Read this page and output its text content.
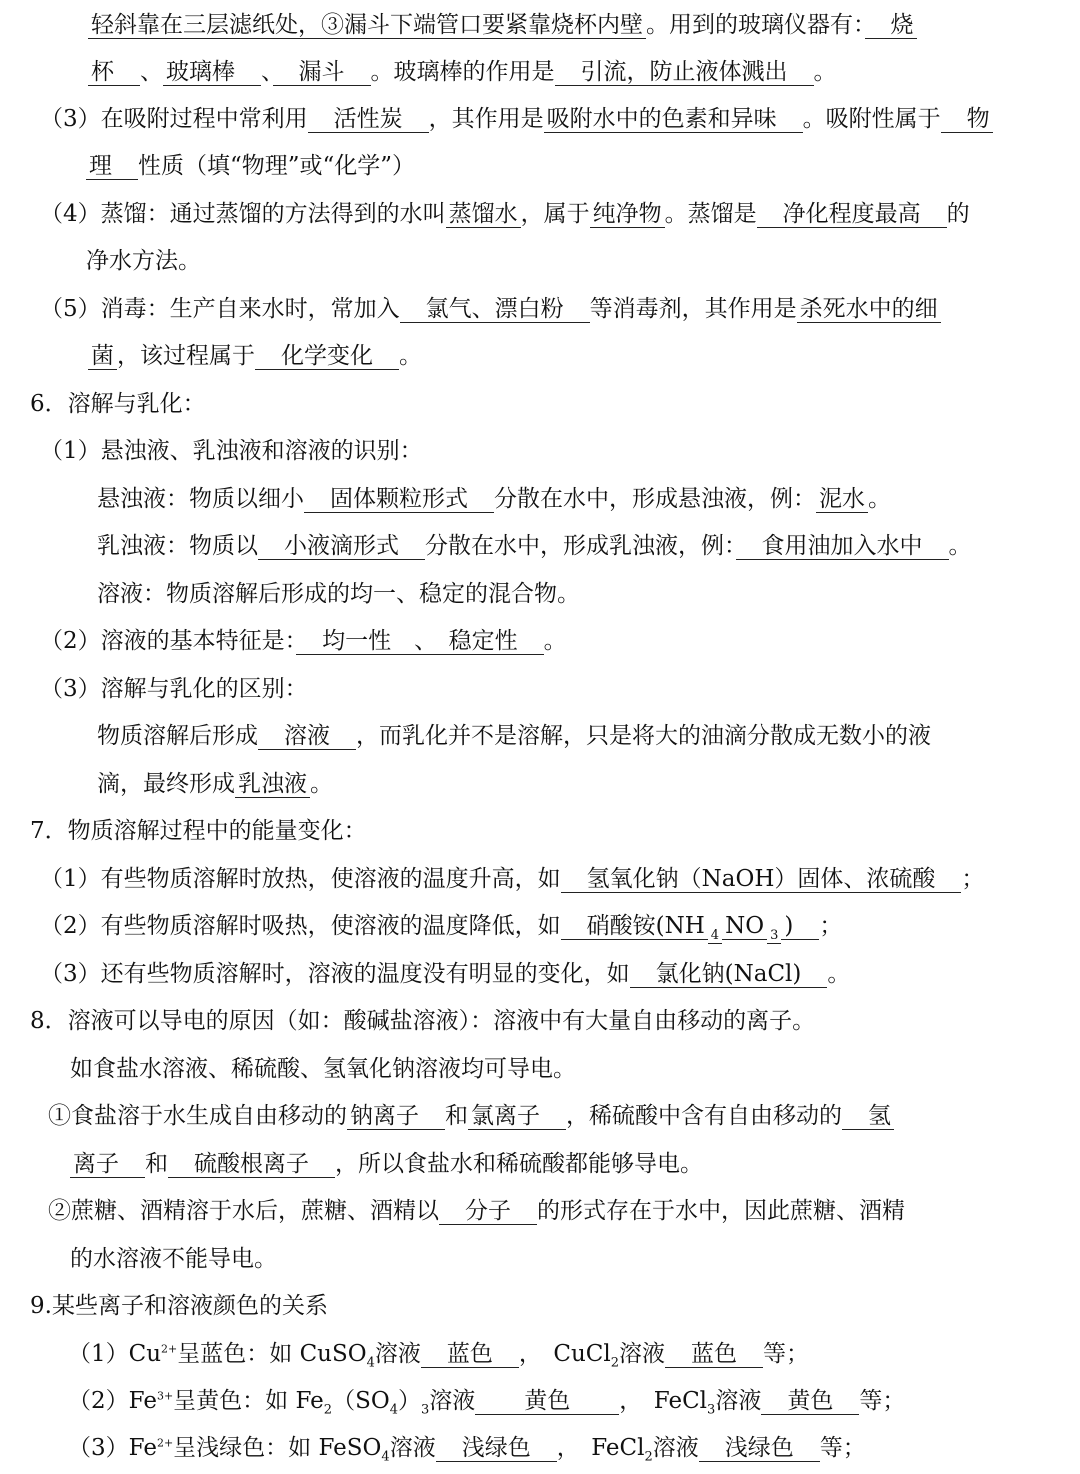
轻斜靠在三层滤纸处，③漏斗下端管口要紧靠烧杯内壁 。用到的玻璃仪器有：　烧
杯　、 玻璃棒　、　漏斗　。玻璃棒的作用是　引流，防止液体溅出　。
（3）在吸附过程中常利用　活性炭　，其作用是 吸附水中的色素和异味　。吸附性属于　物
理　性质（填“物理”或“化学”）
（4）蒸馏：通过蒸馏的方法得到的水叫 蒸馏水 ，属于 纯净物 。蒸馏是　净化程度最高　的
净水方法。
（5）消毒：生产自来水时，常加入　氯气、漂白粉　等消毒剂，其作用是 杀死水中的细
菌 ，该过程属于　化学变化　。
6．溶解与乳化：
（1）悬浊液、乳浊液和溶液的识别：
悬浊液：物质以细小　固体颗粒形式　分散在水中，形成悬浊液，例： 泥水 。
乳浊液：物质以　小液滴形式　分散在水中，形成乳浊液，例：　食用油加入水中　。
溶液：物质溶解后形成的均一、稳定的混合物。
（2）溶液的基本特征是：　均一性　、　稳定性　。
（3）溶解与乳化的区别：
物质溶解后形成　溶液　，而乳化并不是溶解，只是将大的油滴分散成无数小的液
滴，最终形成 乳浊液 。
7．物质溶解过程中的能量变化：
（1）有些物质溶解时放热，使溶液的温度升高，如　氢氧化钠（NaOH）固体、浓硫酸　；
（2）有些物质溶解时吸热，使溶液的温度降低，如　硝酸铵(NH $_4$ NO $_3$ )　；
（3）还有些物质溶解时，溶液的温度没有明显的变化，如　氯化钠(NaCl)　。
8．溶液可以导电的原因（如：酸碱盐溶液）：溶液中有大量自由移动的离子。
如食盐水溶液、稀硫酸、氢氧化钠溶液均可导电。
①食盐溶于水生成自由移动的 钠离子　和 氯离子　，稀硫酸中含有自由移动的　氢
离子　和　硫酸根离子　，所以食盐水和稀硫酸都能够导电。
②蔗糖、酒精溶于水后，蔗糖、酒精以　分子　的形式存在于水中，因此蔗糖、酒精
的水溶液不能导电。
9.某些离子和溶液颜色的关系
$(1)Cu^{2+}$呈蓝色：如 CuSO$_4$溶液　蓝色　，　CuCl$_2$溶液　蓝色　等；
$(2)Fe^{3+}$呈黄色：如 $Fe_2(SO_4)_3$溶液　　黄色　　，　FeCl$_3$溶液　黄色　等；
$(3)Fe^{2+}$呈浅绿色：如 FeSO$_4$溶液　浅绿色　，　FeCl$_2$溶液　浅绿色　等；
